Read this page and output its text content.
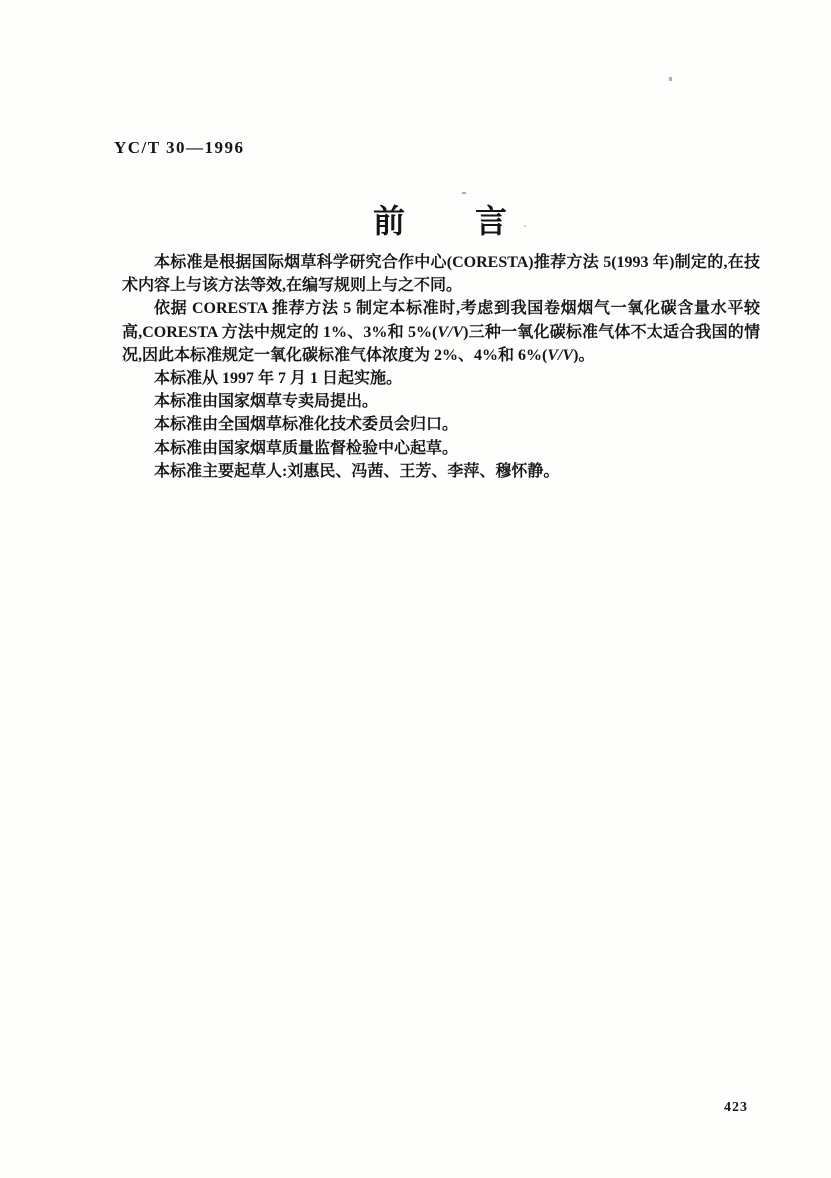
YC/T 30—1996
前　　言

本标准是根据国际烟草科学研究合作中心(CORESTA)推荐方法 5(1993 年)制定的,在技术内容上与该方法等效,在编写规则上与之不同。

依据 CORESTA 推荐方法 5 制定本标准时,考虑到我国卷烟烟气一氧化碳含量水平较高,CORESTA 方法中规定的 1%、3%和 5%(V/V)三种一氧化碳标准气体不太适合我国的情况,因此本标准规定一氧化碳标准气体浓度为 2%、4%和 6%(V/V)。

本标准从 1997 年 7 月 1 日起实施。

本标准由国家烟草专卖局提出。

本标准由全国烟草标准化技术委员会归口。

本标准由国家烟草质量监督检验中心起草。

本标准主要起草人:刘惠民、冯茜、王芳、李萍、穆怀静。

423
